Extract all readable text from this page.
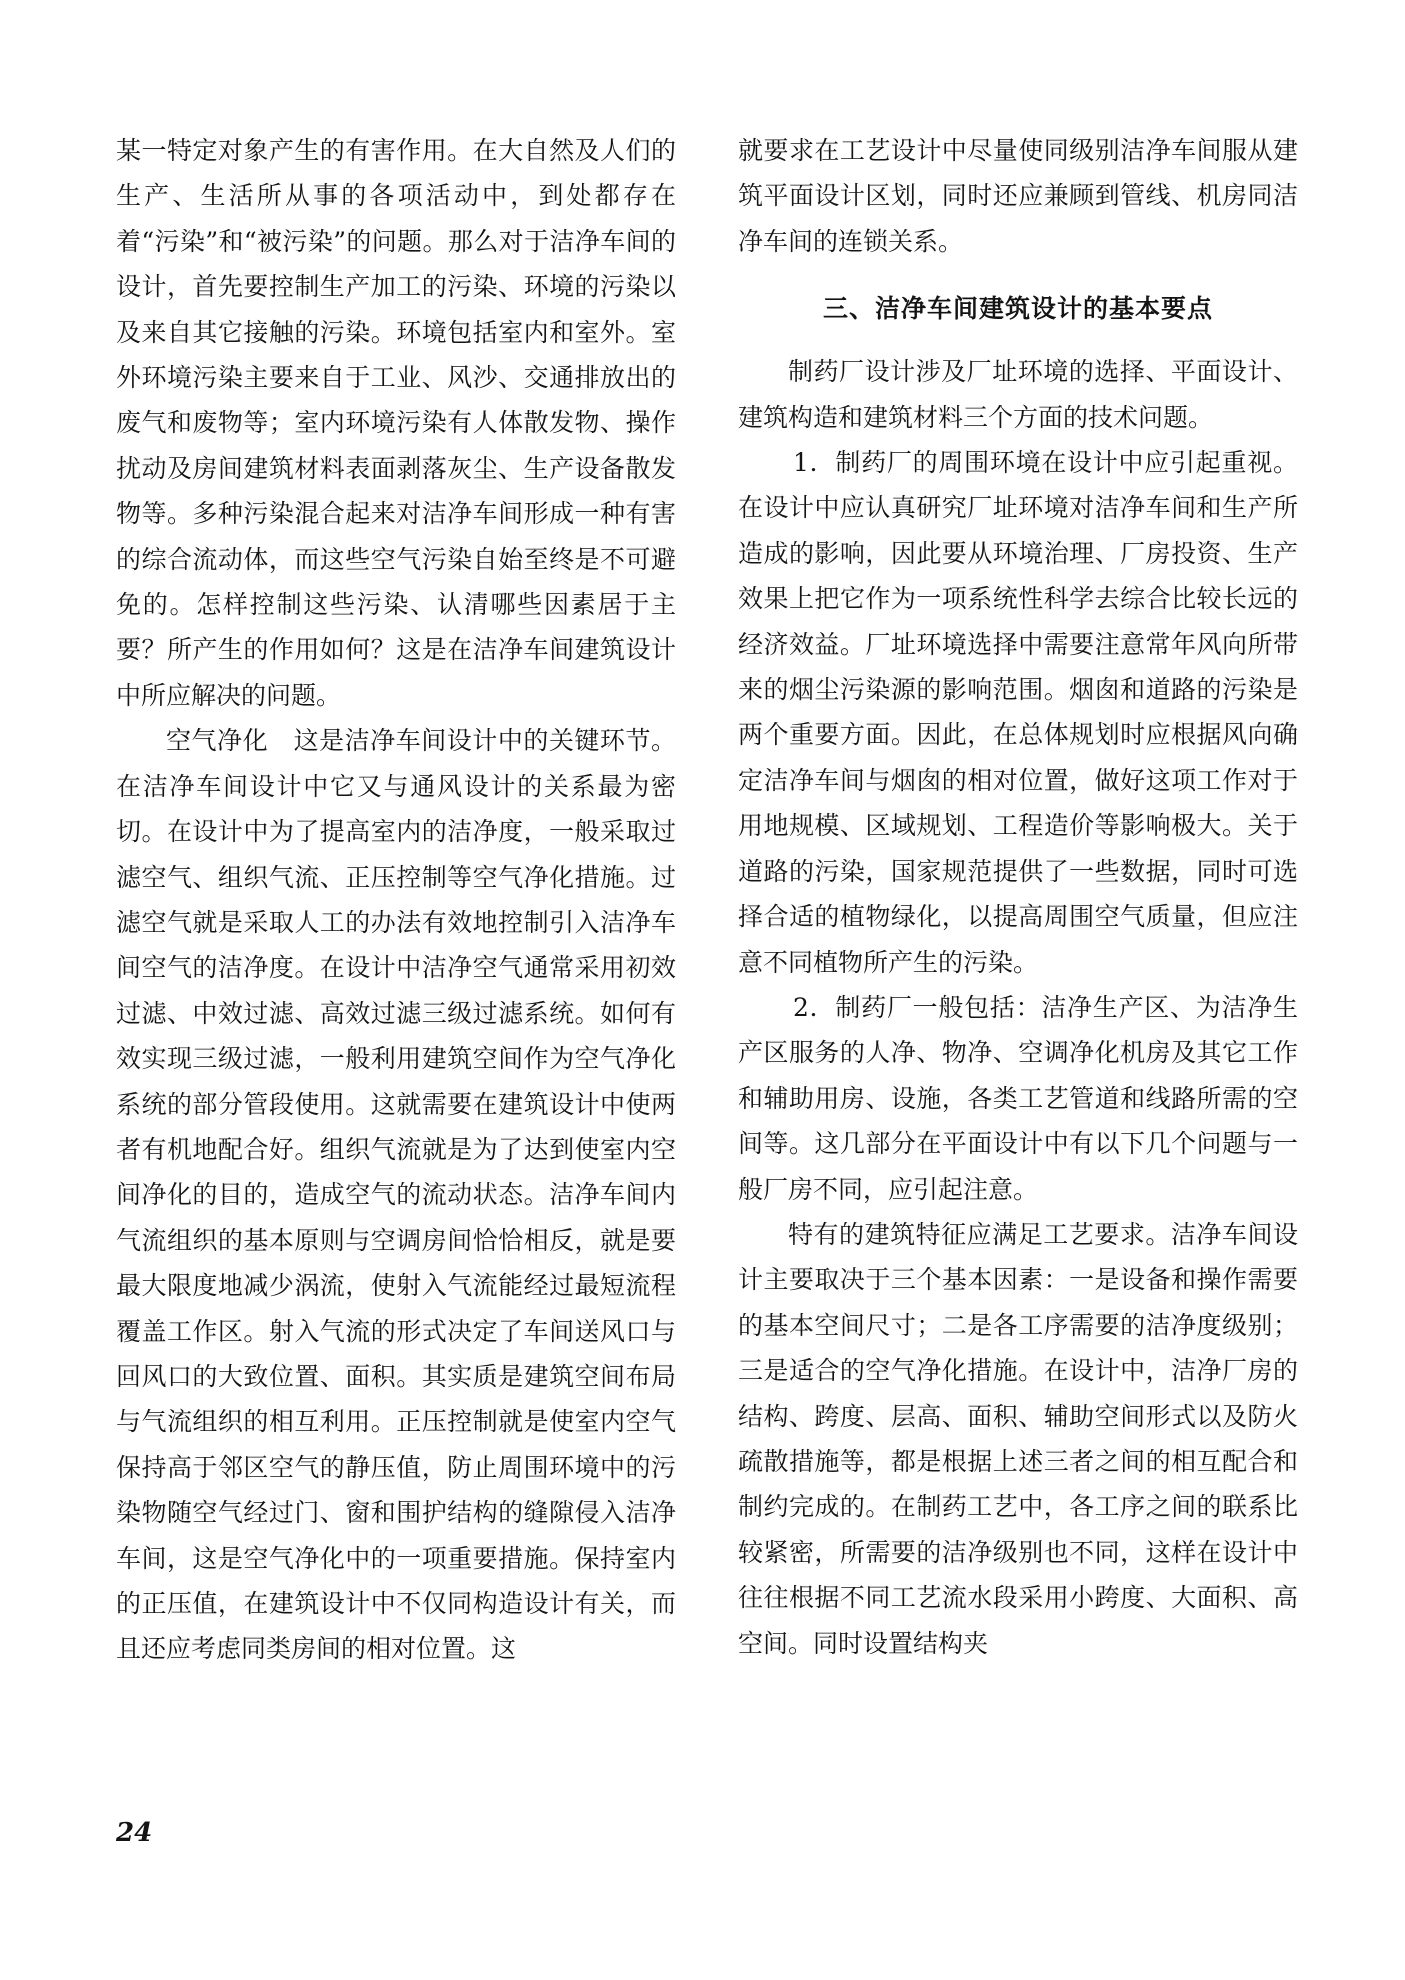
某一特定对象产生的有害作用。在大自然及人们的生产、生活所从事的各项活动中，到处都存在着“污染”和“被污染”的问题。那么对于洁净车间的设计，首先要控制生产加工的污染、环境的污染以及来自其它接触的污染。环境包括室内和室外。室外环境污染主要来自于工业、风沙、交通排放出的废气和废物等；室内环境污染有人体散发物、操作扰动及房间建筑材料表面剥落灰尘、生产设备散发物等。多种污染混合起来对洁净车间形成一种有害的综合流动体，而这些空气污染自始至终是不可避免的。怎样控制这些污染、认清哪些因素居于主要？所产生的作用如何？这是在洁净车间建筑设计中所应解决的问题。

空气净化　这是洁净车间设计中的关键环节。在洁净车间设计中它又与通风设计的关系最为密切。在设计中为了提高室内的洁净度，一般采取过滤空气、组织气流、正压控制等空气净化措施。过滤空气就是采取人工的办法有效地控制引入洁净车间空气的洁净度。在设计中洁净空气通常采用初效过滤、中效过滤、高效过滤三级过滤系统。如何有效实现三级过滤，一般利用建筑空间作为空气净化系统的部分管段使用。这就需要在建筑设计中使两者有机地配合好。组织气流就是为了达到使室内空间净化的目的，造成空气的流动状态。洁净车间内气流组织的基本原则与空调房间恰恰相反，就是要最大限度地减少涡流，使射入气流能经过最短流程覆盖工作区。射入气流的形式决定了车间送风口与回风口的大致位置、面积。其实质是建筑空间布局与气流组织的相互利用。正压控制就是使室内空气保持高于邻区空气的静压值，防止周围环境中的污染物随空气经过门、窗和围护结构的缝隙侵入洁净车间，这是空气净化中的一项重要措施。保持室内的正压值，在建筑设计中不仅同构造设计有关，而且还应考虑同类房间的相对位置。这

就要求在工艺设计中尽量使同级别洁净车间服从建筑平面设计区划，同时还应兼顾到管线、机房同洁净车间的连锁关系。

三、洁净车间建筑设计的基本要点

制药厂设计涉及厂址环境的选择、平面设计、建筑构造和建筑材料三个方面的技术问题。

1．制药厂的周围环境在设计中应引起重视。在设计中应认真研究厂址环境对洁净车间和生产所造成的影响，因此要从环境治理、厂房投资、生产效果上把它作为一项系统性科学去综合比较长远的经济效益。厂址环境选择中需要注意常年风向所带来的烟尘污染源的影响范围。烟囱和道路的污染是两个重要方面。因此，在总体规划时应根据风向确定洁净车间与烟囱的相对位置，做好这项工作对于用地规模、区域规划、工程造价等影响极大。关于道路的污染，国家规范提供了一些数据，同时可选择合适的植物绿化，以提高周围空气质量，但应注意不同植物所产生的污染。

2．制药厂一般包括：洁净生产区、为洁净生产区服务的人净、物净、空调净化机房及其它工作和辅助用房、设施，各类工艺管道和线路所需的空间等。这几部分在平面设计中有以下几个问题与一般厂房不同，应引起注意。

特有的建筑特征应满足工艺要求。洁净车间设计主要取决于三个基本因素：一是设备和操作需要的基本空间尺寸；二是各工序需要的洁净度级别；三是适合的空气净化措施。在设计中，洁净厂房的结构、跨度、层高、面积、辅助空间形式以及防火疏散措施等，都是根据上述三者之间的相互配合和制约完成的。在制药工艺中，各工序之间的联系比较紧密，所需要的洁净级别也不同，这样在设计中往往根据不同工艺流水段采用小跨度、大面积、高空间。同时设置结构夹

24
